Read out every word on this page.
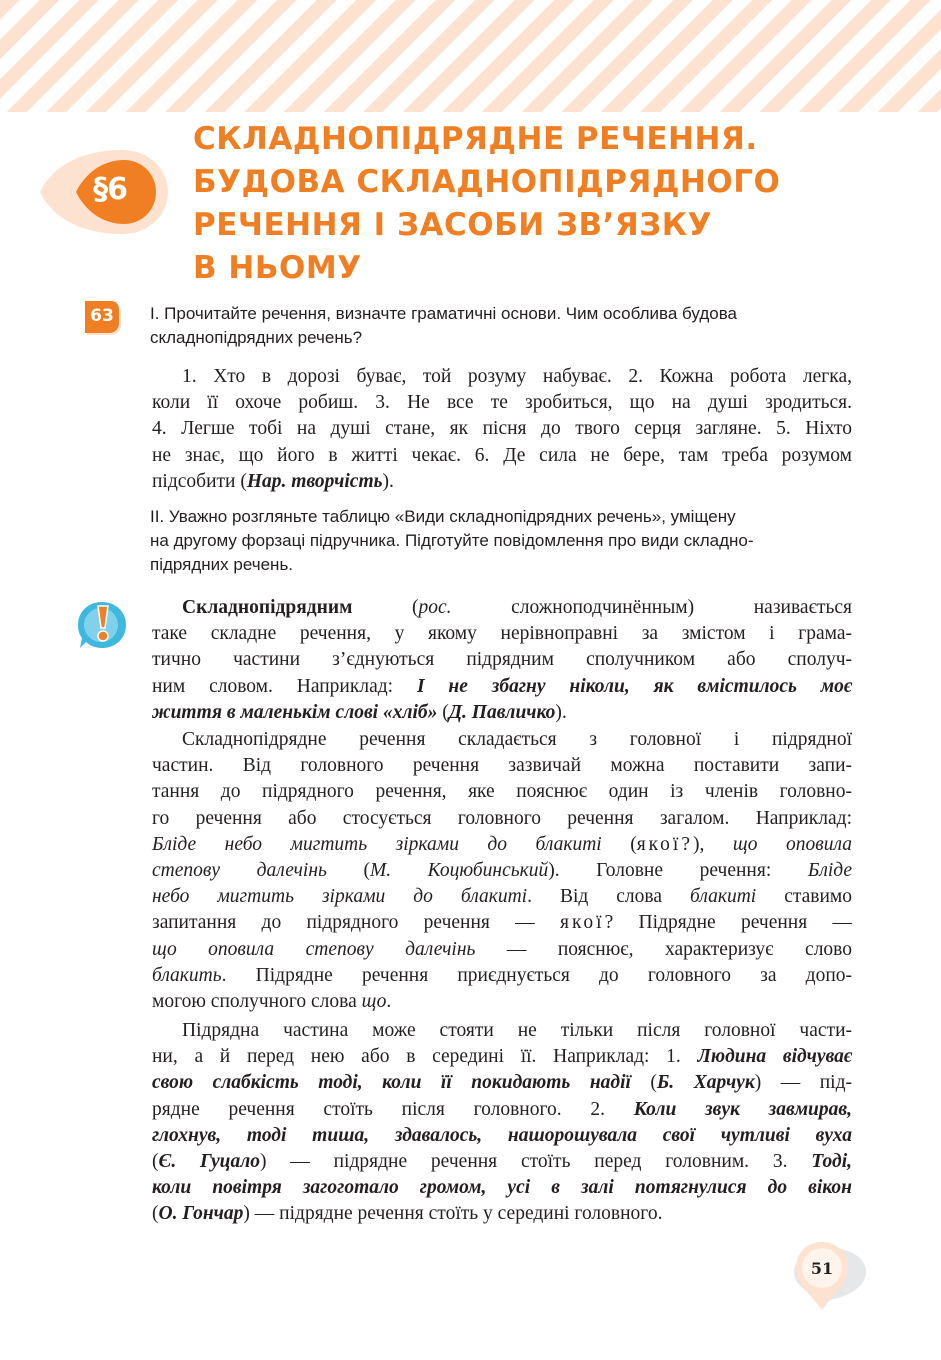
§6
СКЛАДНОПІДРЯДНЕ РЕЧЕННЯ.
БУДОВА СКЛАДНОПІДРЯДНОГО
РЕЧЕННЯ І ЗАСОБИ ЗВ’ЯЗКУ
В НЬОМУ
63	І. Прочитайте речення, визначте граматичні основи. Чим особлива будова
складнопідрядних речень?
1. Хто в дорозі буває, той розуму набуває. 2. Кожна робота легка,
коли її охоче робиш. 3. Не все те зробиться, що на душі зродиться.
4. Легше тобі на душі стане, як пісня до твого серця загляне. 5. Ніхто
не знає, що його в житті чекає. 6. Де сила не бере, там треба розумом
підсобити (Нар. творчість).
ІІ. Уважно розгляньте таблицю «Види складнопідрядних речень», уміщену
на другому форзаці підручника. Підготуйте повідомлення про види складно-
підрядних речень.
Складнопідрядним (рос. сложноподчинённым) називається
таке складне речення, у якому нерівноправні за змістом і грама-
тично частини з’єднуються підрядним сполучником або сполуч-
ним словом. Наприклад: І не збагну ніколи, як вмістилось моє
життя в маленькім слові «хліб» (Д. Павличко).
Складнопідрядне речення складається з головної і підрядної
частин. Від головного речення зазвичай можна поставити запи-
тання до підрядного речення, яке пояснює один із членів головно-
го речення або стосується головного речення загалом. Наприклад:
Бліде небо мигтить зірками до блакиті (якої?), що оповила
степову далечінь (М. Коцюбинський). Головне речення: Бліде
небо мигтить зірками до блакиті. Від слова блакиті ставимо
запитання до підрядного речення — якої? Підрядне речення —
що оповила степову далечінь — пояснює, характеризує слово
блакить. Підрядне речення приєднується до головного за допо-
могою сполучного слова що.
Підрядна частина може стояти не тільки після головної части-
ни, а й перед нею або в середині її. Наприклад: 1. Людина відчуває
свою слабкість тоді, коли її покидають надії (Б. Харчук) — під-
рядне речення стоїть після головного. 2. Коли звук завмирав,
глохнув, тоді тиша, здавалось, нашорошувала свої чутливі вуха
(Є. Гуцало) — підрядне речення стоїть перед головним. 3. Тоді,
коли повітря загоготало громом, усі в залі потягнулися до вікон
(О. Гончар) — підрядне речення стоїть у середині головного.
51
